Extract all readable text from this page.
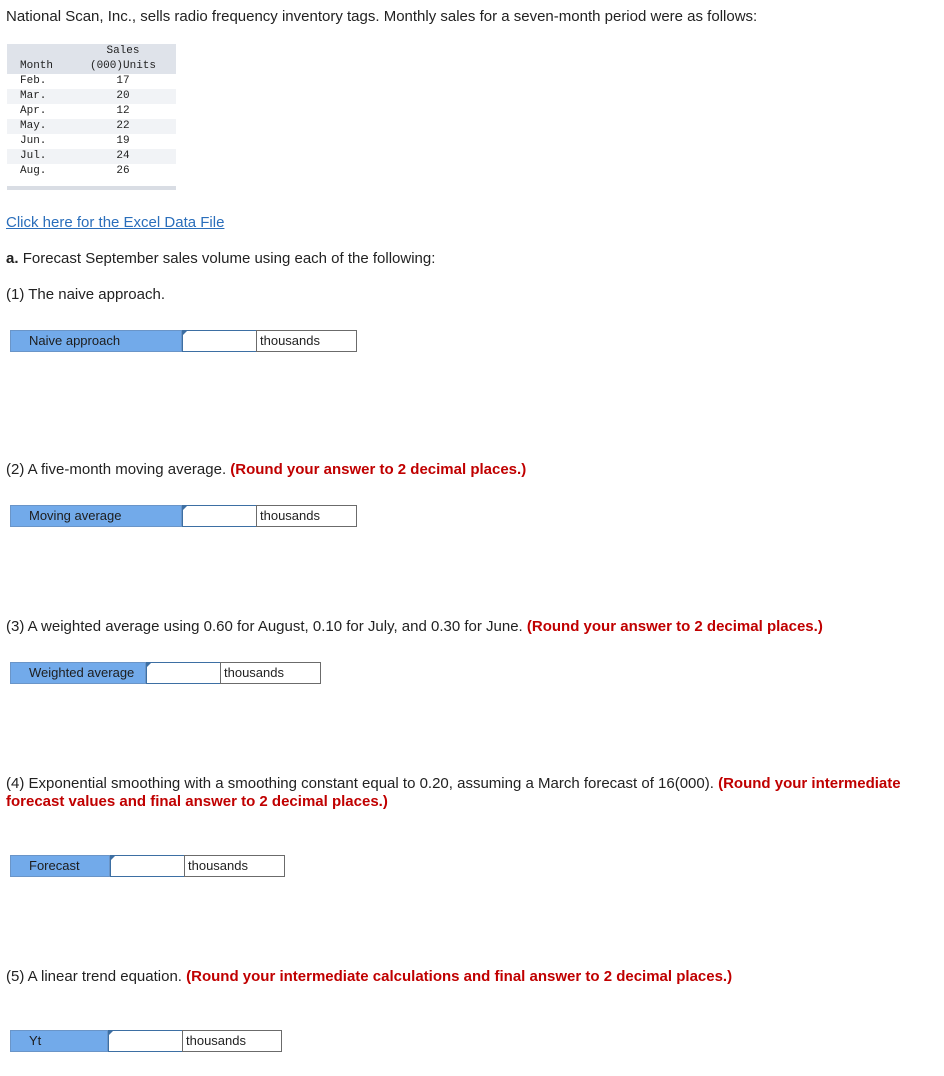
National Scan, Inc., sells radio frequency inventory tags. Monthly sales for a seven-month period were as follows:
Sales
Month	(000)Units
Feb.	17
Mar.	20
Apr.	12
May.	22
Jun.	19
Jul.	24
Aug.	26
Click here for the Excel Data File
a. Forecast September sales volume using each of the following:
(1) The naive approach.
Naive approach	thousands
(2) A five-month moving average. (Round your answer to 2 decimal places.)
Moving average	thousands
(3) A weighted average using 0.60 for August, 0.10 for July, and 0.30 for June. (Round your answer to 2 decimal places.)
Weighted average	thousands
(4) Exponential smoothing with a smoothing constant equal to 0.20, assuming a March forecast of 16(000). (Round your intermediate
forecast values and final answer to 2 decimal places.)
Forecast	thousands
(5) A linear trend equation. (Round your intermediate calculations and final answer to 2 decimal places.)
Yt	thousands
